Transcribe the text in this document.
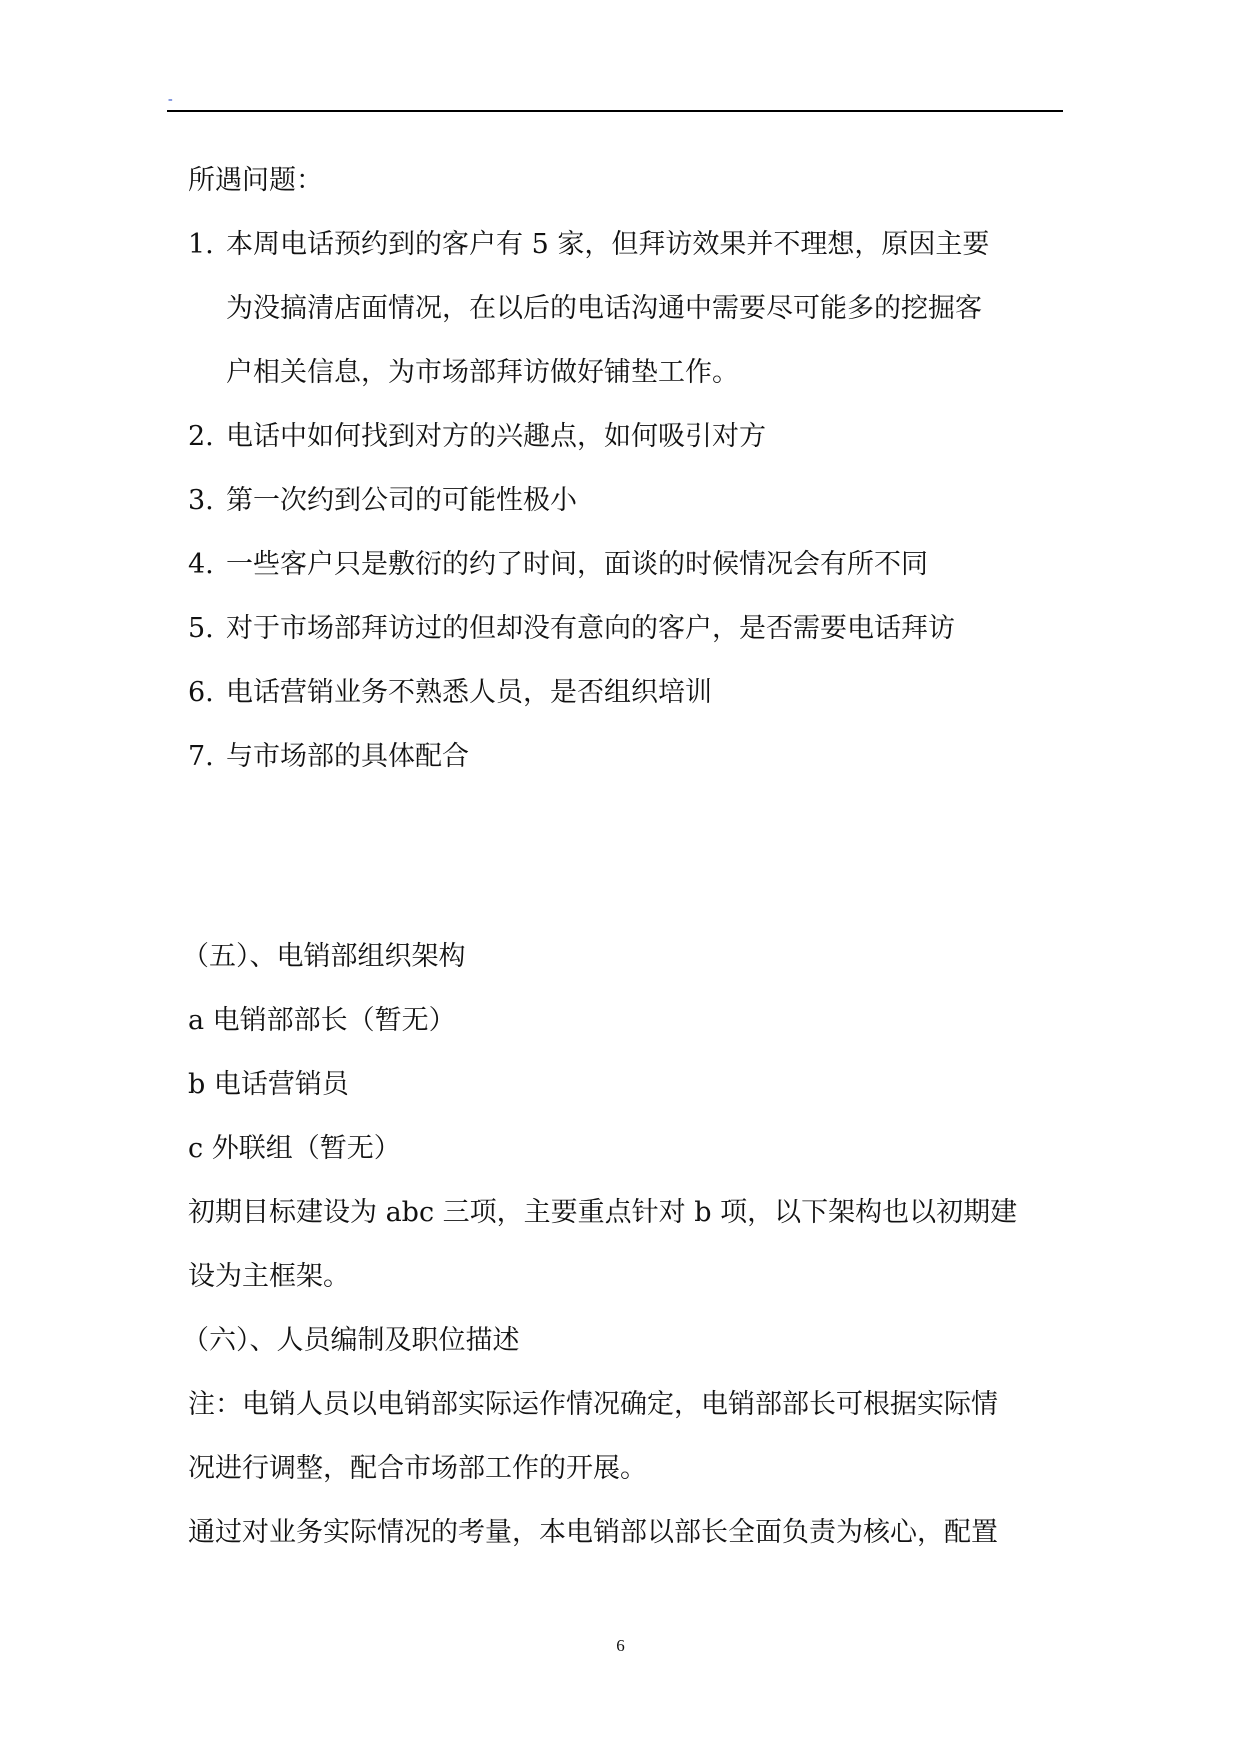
-
所遇问题：
1. 本周电话预约到的客户有 5 家，但拜访效果并不理想，原因主要
为没搞清店面情况，在以后的电话沟通中需要尽可能多的挖掘客
户相关信息，为市场部拜访做好铺垫工作。
2. 电话中如何找到对方的兴趣点，如何吸引对方
3. 第一次约到公司的可能性极小
4. 一些客户只是敷衍的约了时间，面谈的时候情况会有所不同
5. 对于市场部拜访过的但却没有意向的客户，是否需要电话拜访
6. 电话营销业务不熟悉人员，是否组织培训
7. 与市场部的具体配合
（五）、电销部组织架构
a 电销部部长（暂无）
b 电话营销员
c 外联组（暂无）
初期目标建设为 abc 三项，主要重点针对 b 项，以下架构也以初期建
设为主框架。
（六）、人员编制及职位描述
注：电销人员以电销部实际运作情况确定，电销部部长可根据实际情
况进行调整，配合市场部工作的开展。
通过对业务实际情况的考量，本电销部以部长全面负责为核心，配置
6
